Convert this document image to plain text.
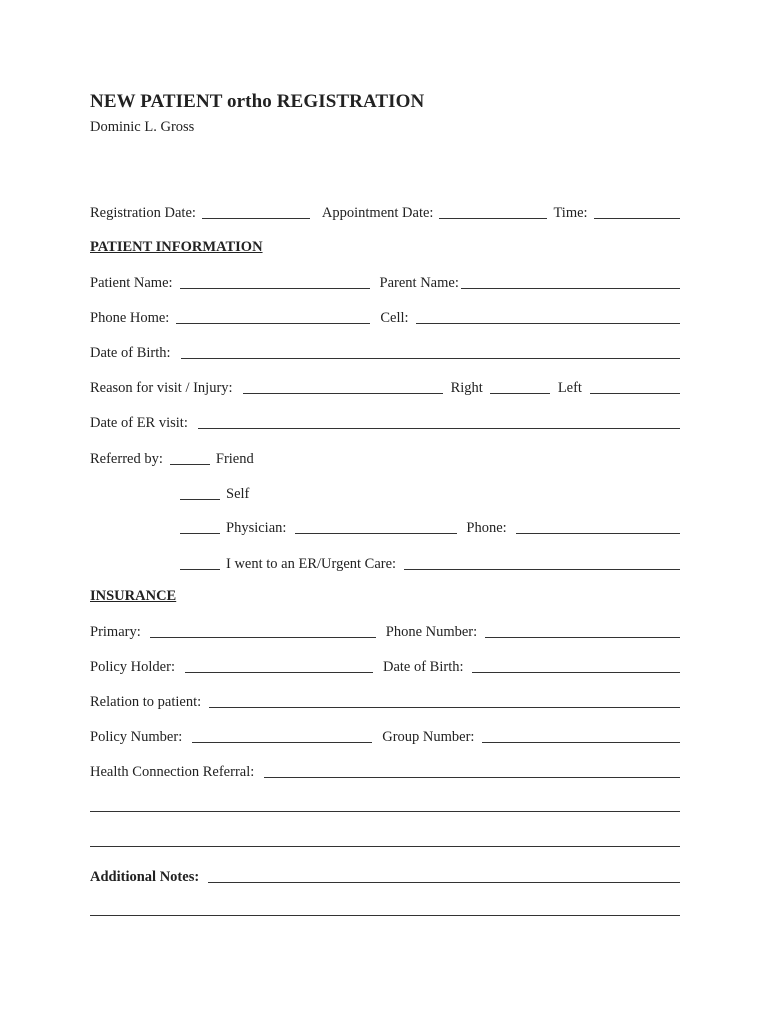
NEW PATIENT ortho REGISTRATION
Dominic L. Gross
Registration Date:	Appointment Date:	Time:
PATIENT INFORMATION
Patient Name:	Parent Name:
Phone Home:	Cell:
Date of Birth:
Reason for visit / Injury:	Right	Left
Date of ER visit:
Referred by:	Friend
Self
Physician:	Phone:
I went to an ER/Urgent Care:
INSURANCE
Primary:	Phone Number:
Policy Holder:	Date of Birth:
Relation to patient:
Policy Number:	Group Number:
Health Connection Referral:
Additional Notes:
